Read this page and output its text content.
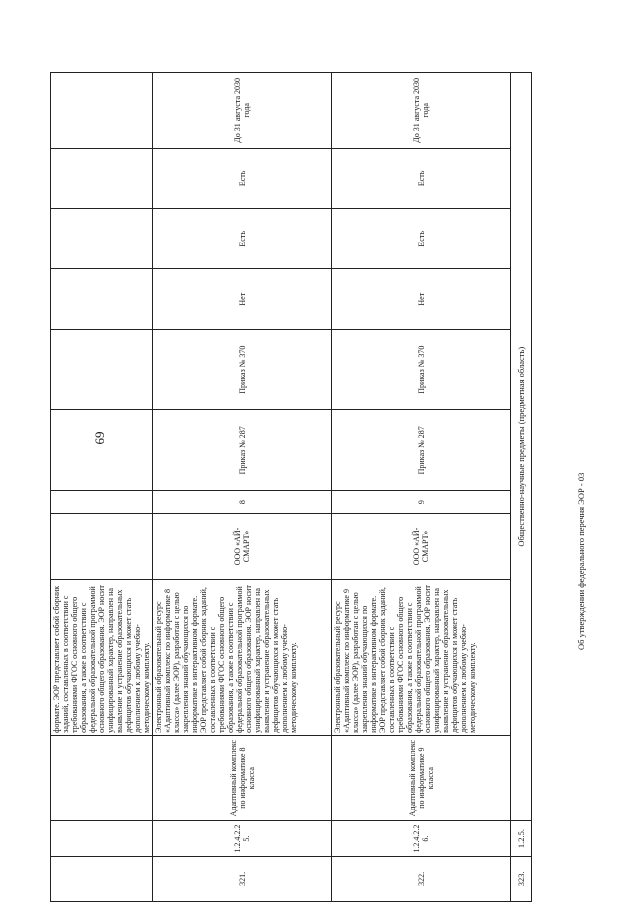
69
			формате. ЭОР представляет собой сборник заданий, составленных в соответствии с требованиями ФГОС основного общего образования, а также в соответствии с федеральной образовательной программой основного общего образования. ЭОР носит унифицированный характер, направлен на выявление и устранение образовательных дефицитов обучающихся и может стать дополнением к любому учебно-методическому комплекту.								
321.	1.2.4.2.25.	Адаптивный комплекс по информатике 8 класса	Электронный образовательный ресурс «Адаптивный комплекс по информатике 8 класса» (далее ЭОР), разработан с целью закрепления знаний обучающихся по информатике в интерактивном формате. ЭОР представляет собой сборник заданий, составленных в соответствии с требованиями ФГОС основного общего образования, а также в соответствии с федеральной образовательной программой основного общего образования. ЭОР носит унифицированный характер, направлен на выявление и устранение образовательных дефицитов обучающихся и может стать дополнением к любому учебно-методическому комплекту.	ООО «АЙ-СМАРТ»	8	Приказ № 287	Приказ № 370	Нет	Есть	Есть	До 31 августа 2030 года
322.	1.2.4.2.26.	Адаптивный комплекс по информатике 9 класса	Электронный образовательный ресурс «Адаптивный комплекс по информатике 9 класса» (далее ЭОР), разработан с целью закрепления знаний обучающихся по информатике в интерактивном формате. ЭОР представляет собой сборник заданий, составленных в соответствии с требованиями ФГОС основного общего образования, а также в соответствии с федеральной образовательной программой основного общего образования. ЭОР носит унифицированный характер, направлен на выявление и устранение образовательных дефицитов обучающихся и может стать дополнением к любому учебно-методическому комплекту.	ООО «АЙ-СМАРТ»	9	Приказ № 287	Приказ № 370	Нет	Есть	Есть	До 31 августа 2030 года
323.	1.2.5.	Общественно-научные предметы (предметная область)									
Об утверждении федерального перечня ЭОР - 03
